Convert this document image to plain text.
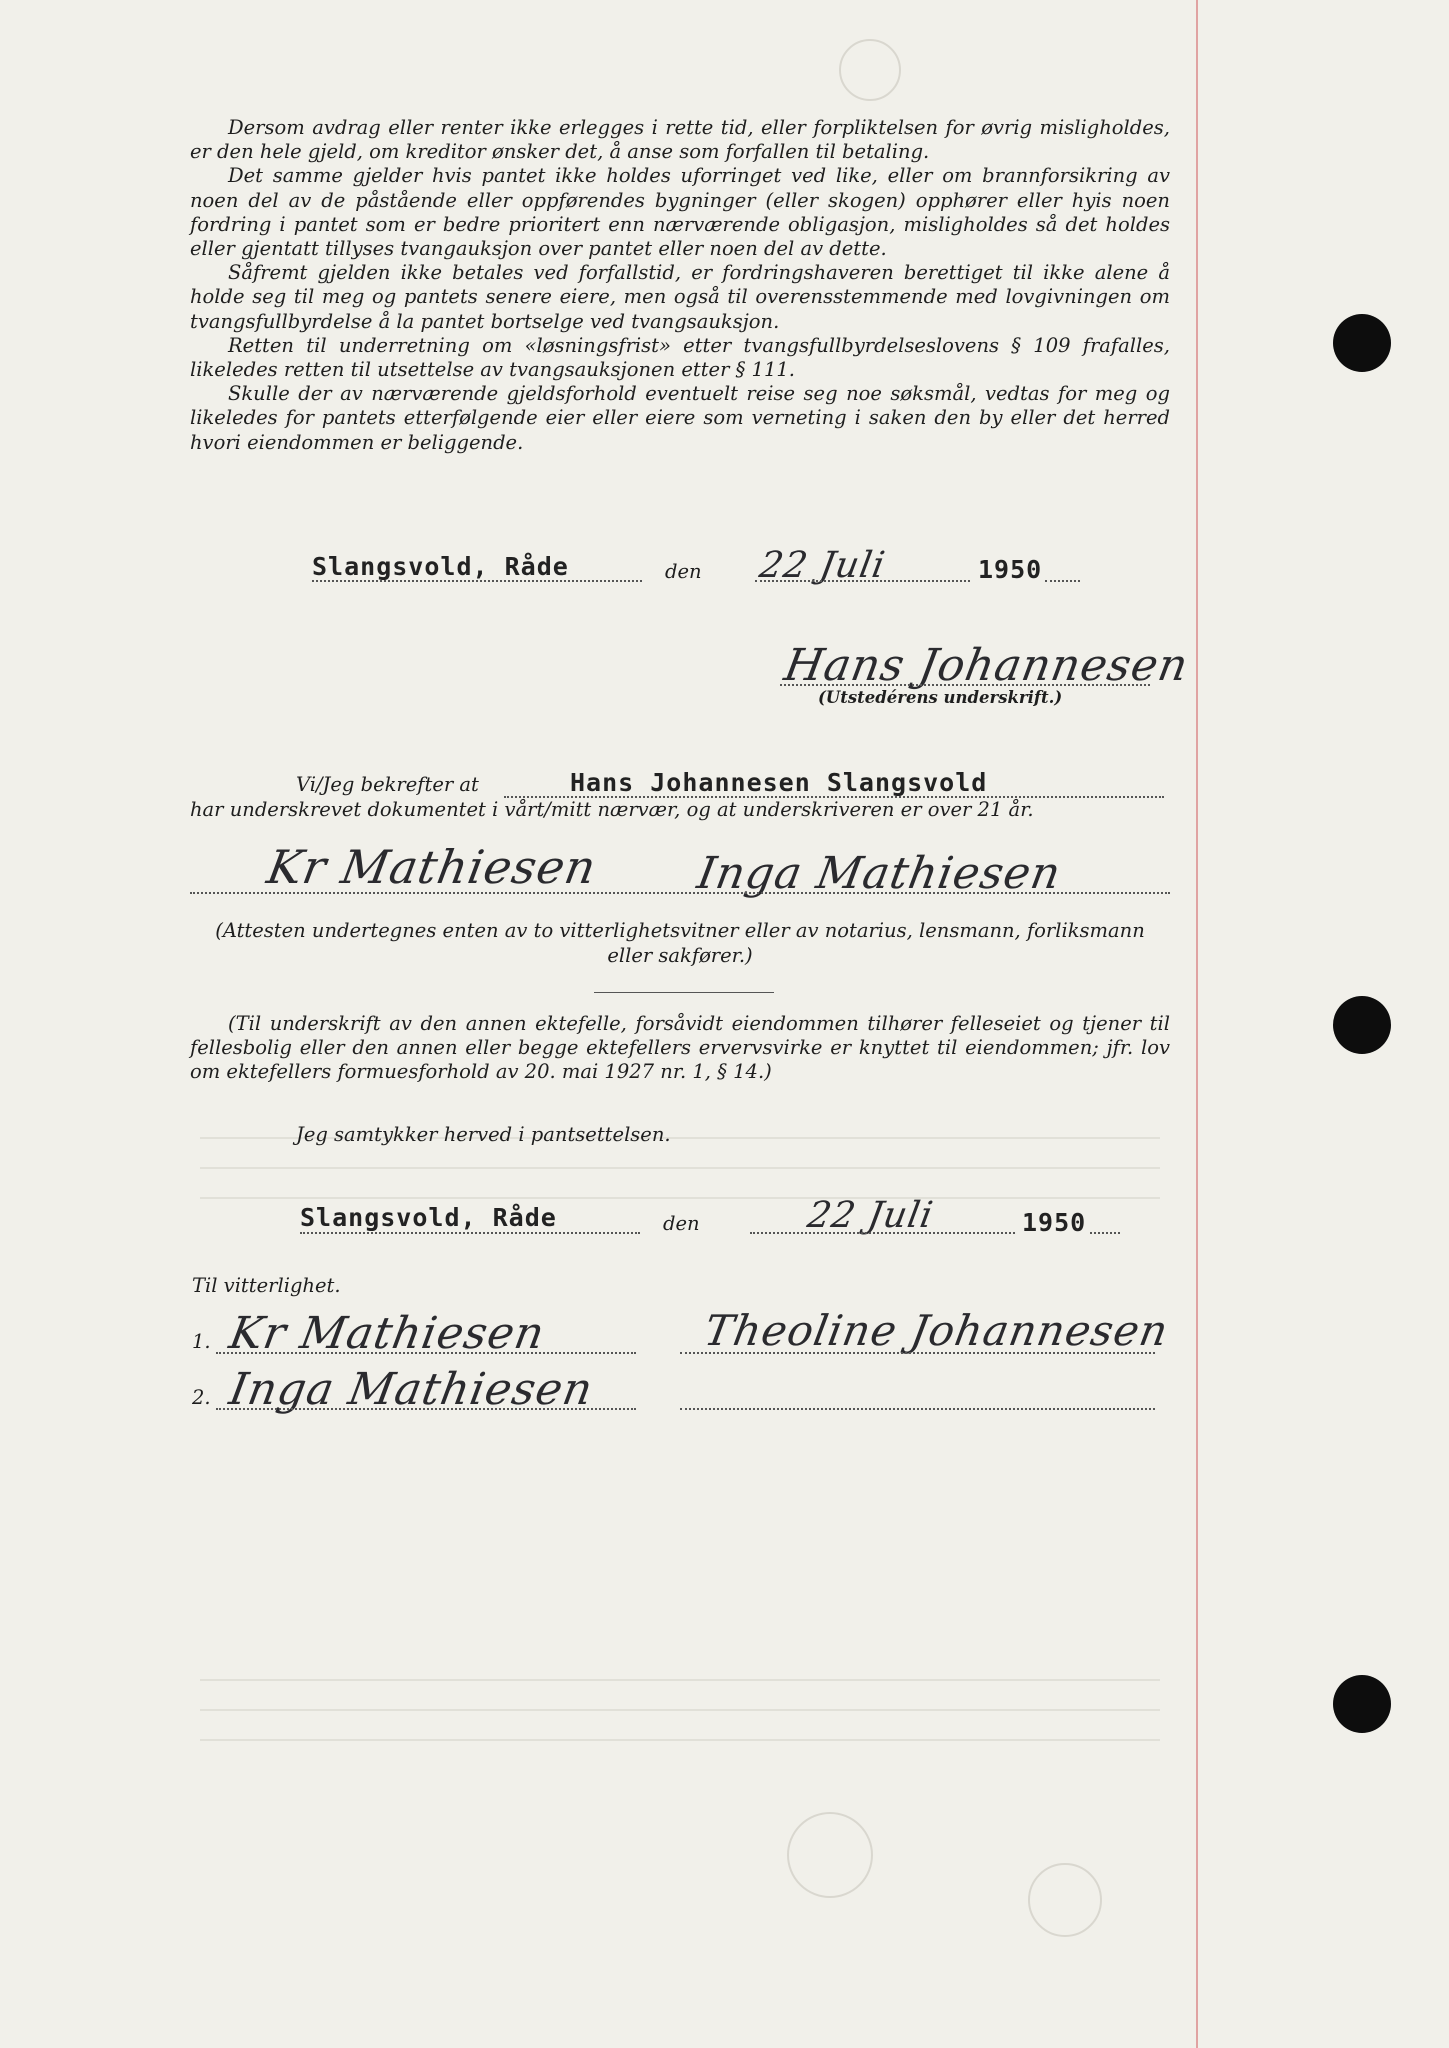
Dersom avdrag eller renter ikke erlegges i rette tid, eller forpliktelsen for øvrig misligholdes, er den hele gjeld, om kreditor ønsker det, å anse som forfallen til betaling.

Det samme gjelder hvis pantet ikke holdes uforringet ved like, eller om brannforsikring av noen del av de påstående eller oppførendes bygninger (eller skogen) opphører eller hyis noen fordring i pantet som er bedre prioritert enn nærværende obligasjon, misligholdes så det holdes eller gjentatt tillyses tvangauksjon over pantet eller noen del av dette.

Såfremt gjelden ikke betales ved forfallstid, er fordringshaveren berettiget til ikke alene å holde seg til meg og pantets senere eiere, men også til overensstemmende med lovgivningen om tvangsfullbyrdelse å la pantet bortselge ved tvangsauksjon.

Retten til underretning om «løsningsfrist» etter tvangsfullbyrdelseslovens § 109 frafalles, likeledes retten til utsettelse av tvangsauksjonen etter § 111.

Skulle der av nærværende gjeldsforhold eventuelt reise seg noe søksmål, vedtas for meg og likeledes for pantets etterfølgende eier eller eiere som verneting i saken den by eller det herred hvori eiendommen er beliggende.

Slangsvold, Råde	den 22 Juli	1950
Hans Johannesen
(Utstedérens underskrift.)
Vi/Jeg bekrefter at	Hans Johannesen Slangsvold
har underskrevet dokumentet i vårt/mitt nærvær, og at underskriveren er over 21 år.
Kr Mathiesen Inga Mathiesen
(Attesten undertegnes enten av to vitterlighetsvitner eller av notarius, lensmann, forliksmann eller sakfører.)

(Til underskrift av den annen ektefelle, forsåvidt eiendommen tilhører felleseiet og tjener til fellesbolig eller den annen eller begge ektefellers ervervsvirke er knyttet til eiendommen; jfr. lov om ektefellers formuesforhold av 20. mai 1927 nr. 1, § 14.)

Jeg samtykker herved i pantsettelsen.
Slangsvold, Råde	den	22 Juli	1950
Til vitterlighet.
1. Kr Mathiesen	Theoline Johannesen
2. Inga Mathiesen
